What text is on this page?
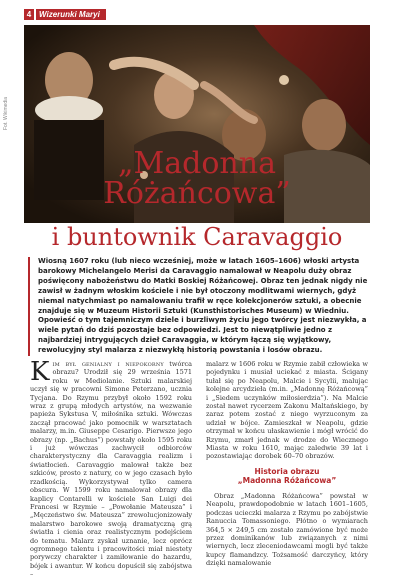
4 Wizerunki Maryi
Fot. Wikimedia
„Madonna
Różańcowa”
i buntownik Caravaggio

Wiosną 1607 roku (lub nieco wcześniej, może w latach 1605–1606) włoski artysta barokowy Michelangelo Merisi da Caravaggio namalował w Neapolu duży obraz poświęcony nabożeństwu do Matki Boskiej Różańcowej. Obraz ten jednak nigdy nie zawisł w żadnym włoskim kościele i nie był otoczony modlitwami wiernych, gdyż niemal natychmiast po namalowaniu trafił w ręce kolekcjonerów sztuki, a obecnie znajduje się w Muzeum Historii Sztuki (Kunsthistorisches Museum) w Wiedniu. Opowieść o tym tajemniczym dziele i burzliwym życiu jego twórcy jest niezwykła, a wiele pytań do dziś pozostaje bez odpowiedzi. Jest to niewątpliwie jedno z najbardziej intrygujących dzieł Caravaggia, w którym łączą się wyjątkowy, rewolucyjny styl malarza z niezwykłą historią powstania i losów obrazu.

Kim był genialny i niepokorny twórca obrazu? Urodził się 29 września 1571 roku w Mediolanie. Sztuki malarskiej uczył się w pracowni Simone Peterzano, ucznia Tycjana. Do Rzymu przybył około 1592 roku wraz z grupą młodych artystów, na wezwanie papieża Sykstusa V, miłośnika sztuki. Wówczas zaczął pracować jako pomocnik w warsztatach malarzy, m.in. Giuseppe Cesarigo. Pierwsze jego obrazy (np. „Bachus”) powstały około 1595 roku i już wówczas zachwycił odbiorców charakterystyczny dla Caravaggia realizm i światłocień. Caravaggio malował także bez szkiców, prosto z natury, co w jego czasach było rzadkością. Wykorzystywał tylko camera obscura. W 1599 roku namalował obrazy dla kaplicy Contarelli w kościele San Luigi dei Francesi w Rzymie – „Powołanie Mateusza” i „Męczeństwo św. Mateusza” zrewolucjonizowały malarstwo barokowe swoją dramatyczną grą światła i cienia oraz realistycznym podejściem do tematu. Malarz zyskał uznanie, lecz oprócz ogromnego talentu i pracowitości miał niestety porywczy charakter i zamiłowanie do hazardu, bójek i awantur. W końcu dopuścił się zabójstwa –

malarz w 1606 roku w Rzymie zabił człowieka w pojedynku i musiał uciekać z miasta. Ścigany tułał się po Neapolu, Malcie i Sycylii, malując kolejne arcydzieła (m.in. „Madonnę Różańcową” i „Siedem uczynków miłosierdzia”). Na Malcie został nawet rycerzem Zakonu Maltańskiego, by zaraz potem zostać z niego wyrzuconym za udział w bójce. Zamieszkał w Neapolu, gdzie otrzymał w końcu ułaskawienie i mógł wrócić do Rzymu, zmarł jednak w drodze do Wiecznego Miasta w roku 1610, mając zaledwie 39 lat i pozostawiając dorobek 60–70 obrazów.

Historia obrazu
„Madonna Różańcowa”

Obraz „Madonna Różańcowa” powstał w Neapolu, prawdopodobnie w latach 1601–1605, podczas ucieczki malarza z Rzymu po zabójstwie Ranuccia Tomassoniego. Płótno o wymiarach 364,5 × 249,5 cm zostało zamówione być może przez dominikanów lub związanych z nimi wiernych, lecz zleceniodawcami mogli być także kupcy flamandzcy. Tożsamość darczyńcy, który dzięki namalowanie
